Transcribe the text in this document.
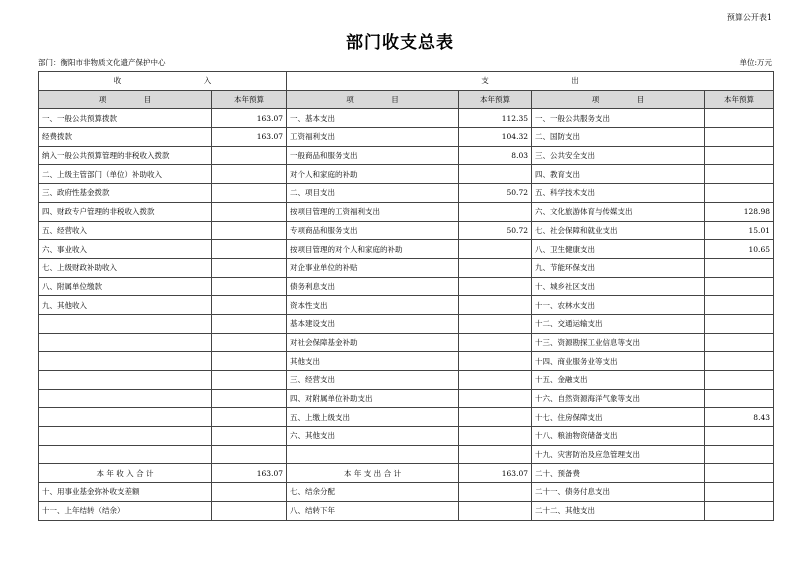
预算公开表1
部门收支总表
部门：衡阳市非物质文化遗产保护中心	单位:万元
收　　　　　　　　　　　入		支　　　　　　　　　　　出			
项　　　　　目	本年预算	项　　　　　目	本年预算	项　　　　　目	本年预算
一、一般公共预算拨款	163.07	一、基本支出	112.35	一、一般公共服务支出	
经费拨款	163.07	工资福利支出	104.32	二、国防支出	
纳入一般公共预算管理的非税收入拨款		一般商品和服务支出	8.03	三、公共安全支出	
二、上级主管部门（单位）补助收入		对个人和家庭的补助		四、教育支出	
三、政府性基金拨款		二、项目支出	50.72	五、科学技术支出	
四、财政专户管理的非税收入拨款		按项目管理的工资福利支出		六、文化旅游体育与传媒支出	128.98
五、经营收入		专项商品和服务支出	50.72	七、社会保障和就业支出	15.01
六、事业收入		按项目管理的对个人和家庭的补助		八、卫生健康支出	10.65
七、上级财政补助收入		对企事业单位的补贴		九、节能环保支出	
八、附属单位缴款		债务利息支出		十、城乡社区支出	
九、其他收入		资本性支出		十一、农林水支出	
		基本建设支出		十二、交通运输支出	
		对社会保障基金补助		十三、资源勘探工业信息等支出	
		其他支出		十四、商业服务业等支出	
		三、经营支出		十五、金融支出	
		四、对附属单位补助支出		十六、自然资源海洋气象等支出	
		五、上缴上级支出		十七、住房保障支出	8.43
		六、其他支出		十八、粮油物资储备支出	
				十九、灾害防治及应急管理支出	
本 年 收 入 合 计	163.07	本 年 支 出 合 计	163.07	二十、预备费	
十、用事业基金弥补收支差额		七、结余分配		二十一、债务付息支出	
十一、上年结转（结余）		八、结转下年		二十二、其他支出	
